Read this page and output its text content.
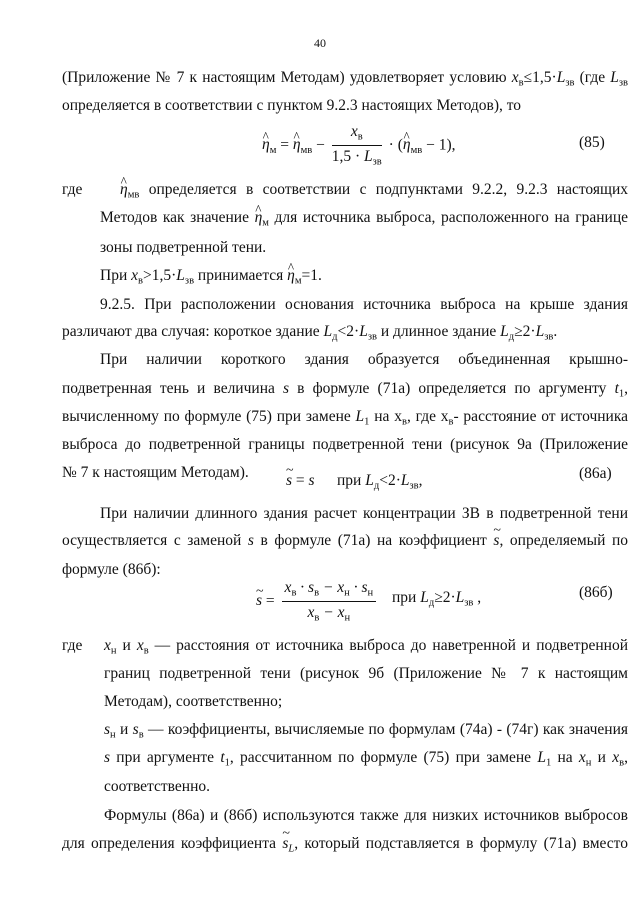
40
(Приложение № 7 к настоящим Методам) удовлетворяет условию $x_в\le 1,5\cdot L_{зв}$ (где $L_{зв}$
определяется в соответствии с пунктом 9.2.3 настоящих Методов), то
^ $\eta_м$ = ^ $\eta_{мв} - \frac{x_в}{1,5 \cdot L_{зв}}$ · (^ $\eta_{мв} - 1$),	(85)
где ^ $\eta_{мв}$ определяется в соответствии с подпунктами 9.2.2, 9.2.3 настоящих
Методов как значение ^ $\eta_м$ для источника выброса, расположенного на границе
зоны подветренной тени.
При $x_в>1,5\cdot L_{зв}$ принимается ^ $\eta_м=1$.
9.2.5. При расположении основания источника выброса на крыше здания
различают два случая: короткое здание $L_д<2\cdot L_{зв}$ и длинное здание $L_д\ge 2\cdot L_{зв}$.
При наличии короткого здания образуется объединенная крышно-
подветренная тень и величина s в формуле (71а) определяется по аргументу $t_1$,
вычисленному по формуле (75) при замене $L_1$ на $x_в$, где $x_в-$ расстояние от источника
выброса до подветренной границы подветренной тени (рисунок 9а (Приложение
№ 7 к настоящим Методам). ~ s = s при $L_д<2\cdot L_{зв}$,	(86а)
При наличии длинного здания расчет концентрации ЗВ в подветренной тени
осуществляется с заменой s в формуле (71а) на коэффициент ~ s, определяемый по
формуле (86б):
~ $s = \frac{x_в \cdot s_в - x_н \cdot s_н}{x_в - x_н}$ при $L_д\ge 2\cdot L_{зв}$ ,	(86б)
где $x_н$ и $x_в$ — расстояния от источника выброса до наветренной и подветренной
границ подветренной тени (рисунок 9б (Приложение № 7 к настоящим
Методам), соответственно;
$s_н$ и $s_в$ — коэффициенты, вычисляемые по формулам (74а) - (74г) как значения
s при аргументе $t_1$, рассчитанном по формуле (75) при замене $L_1$ на $x_н$ и $x_в$,
соответственно.
Формулы (86а) и (86б) используются также для низких источников выбросов
для определения коэффициента ~ $s_L$, который подставляется в формулу (71а) вместо
